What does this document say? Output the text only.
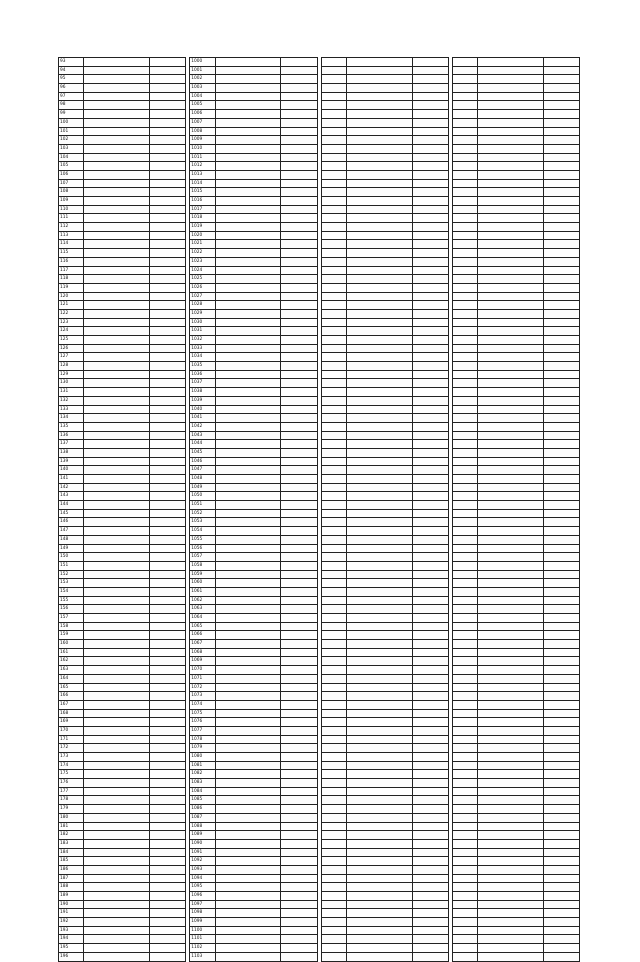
93		
94		
95		
96		
97		
98		
99		
100		
101		
102		
103		
104		
105		
106		
107		
108		
109		
110		
111		
112		
113		
114		
115		
116		
117		
118		
119		
120		
121		
122		
123		
124		
125		
126		
127		
128		
129		
130		
131		
132		
133		
134		
135		
136		
137		
138		
139		
140		
141		
142		
143		
144		
145		
146		
147		
148		
149		
150		
151		
152		
153		
154		
155		
156		
157		
158		
159		
160		
161		
162		
163		
164		
165		
166		
167		
168		
169		
170		
171		
172		
173		
174		
175		
176		
177		
178		
179		
180		
181		
182		
183		
184		
185		
186		
187		
188		
189		
190		
191		
192		
193		
194		
195		
196		
1000		
1001		
1002		
1003		
1004		
1005		
1006		
1007		
1008		
1009		
1010		
1011		
1012		
1013		
1014		
1015		
1016		
1017		
1018		
1019		
1020		
1021		
1022		
1023		
1024		
1025		
1026		
1027		
1028		
1029		
1030		
1031		
1032		
1033		
1034		
1035		
1036		
1037		
1038		
1039		
1040		
1041		
1042		
1043		
1044		
1045		
1046		
1047		
1048		
1049		
1050		
1051		
1052		
1053		
1054		
1055		
1056		
1057		
1058		
1059		
1060		
1061		
1062		
1063		
1064		
1065		
1066		
1067		
1068		
1069		
1070		
1071		
1072		
1073		
1074		
1075		
1076		
1077		
1078		
1079		
1080		
1081		
1082		
1083		
1084		
1085		
1086		
1087		
1088		
1089		
1090		
1091		
1092		
1093		
1094		
1095		
1096		
1097		
1098		
1099		
1100		
1101		
1102		
1103		
